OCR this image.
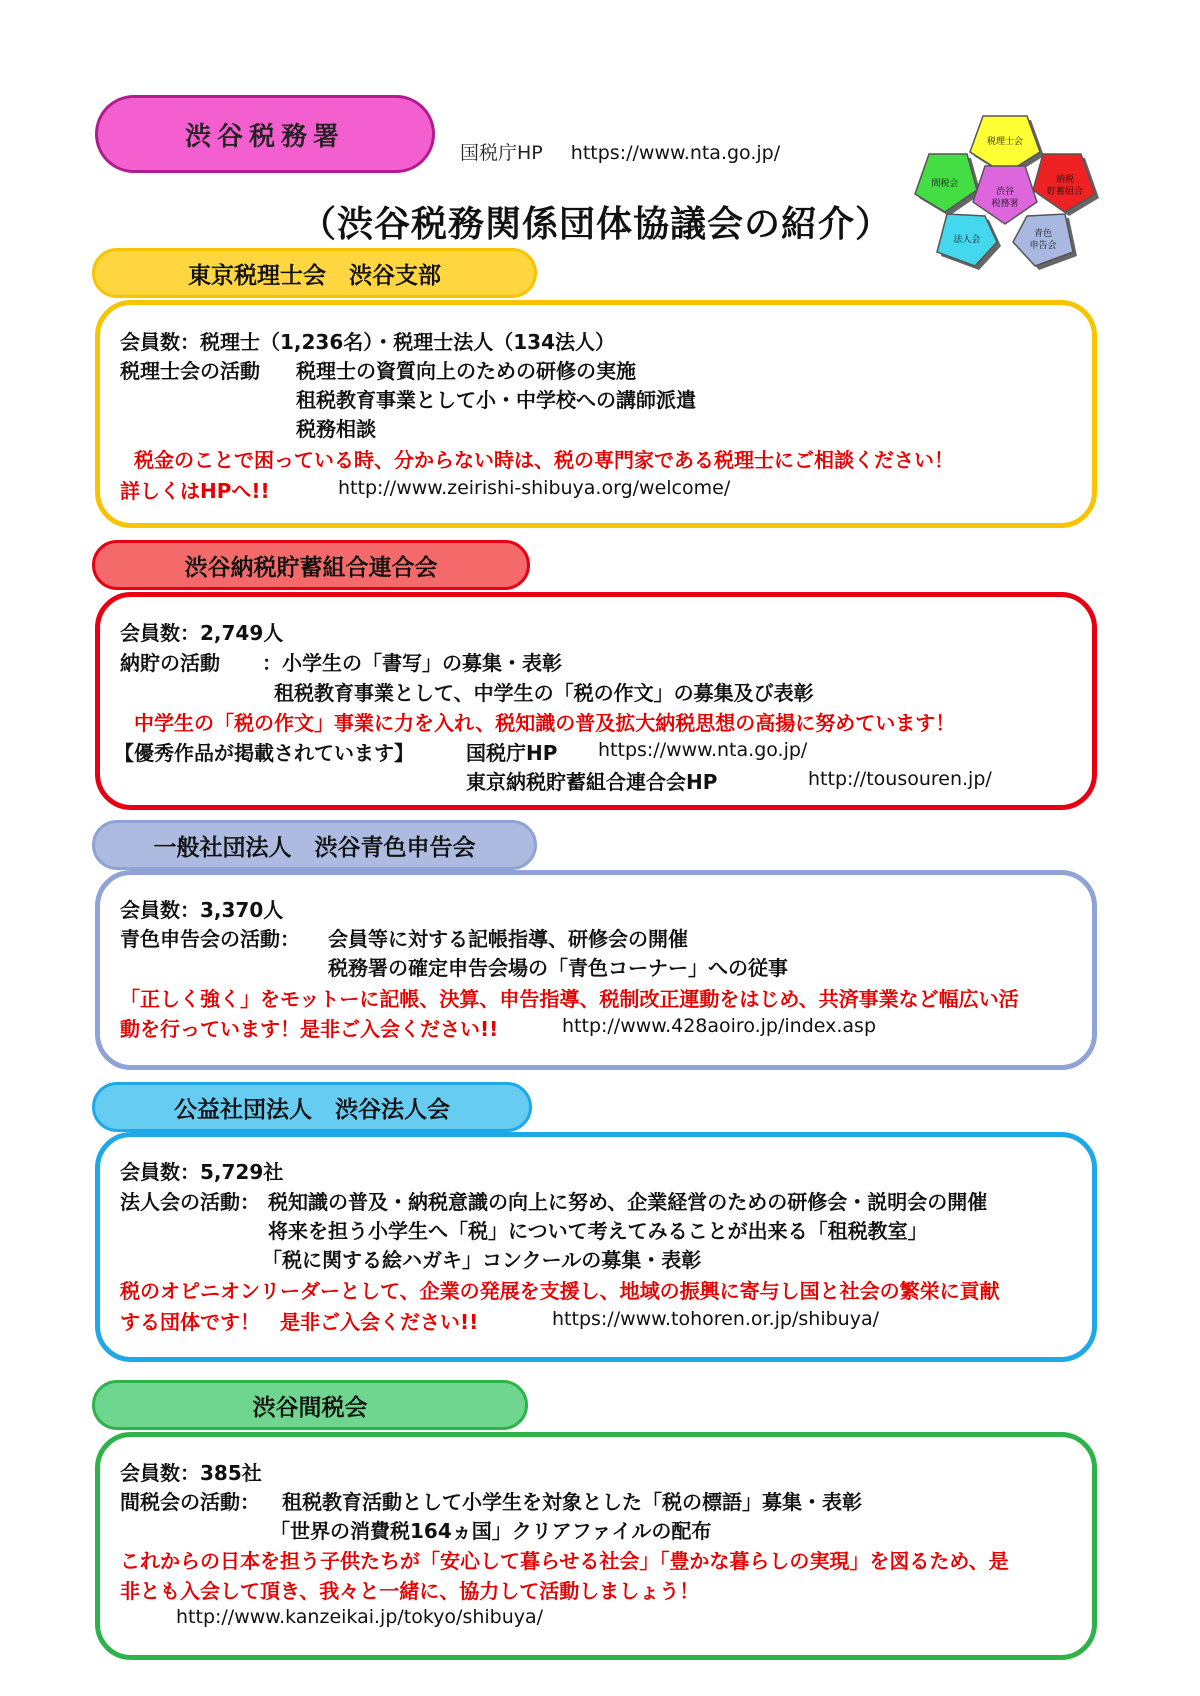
渋谷税務署
国税庁HP https://www.nta.go.jp/
（渋谷税務関係団体協議会の紹介）
税理士会
納税
貯蓄組合
青色
申告会
法人会
間税会
渋谷
税務署
東京税理士会　渋谷支部
会員数：税理士（1,236名）・税理士法人（134法人）
税理士会の活動 税理士の資質向上のための研修の実施
租税教育事業として小・中学校への講師派遣
税務相談
税金のことで困っている時、分からない時は、税の専門家である税理士にご相談ください！
詳しくはHPへ!!	http://www.zeirishi-shibuya.org/welcome/
渋谷納税貯蓄組合連合会
会員数：2,749人
納貯の活動 ：小学生の「書写」の募集・表彰
租税教育事業として、中学生の「税の作文」の募集及び表彰
中学生の「税の作文」事業に力を入れ、税知識の普及拡大納税思想の高揚に努めています！
【優秀作品が掲載されています】	国税庁HP https://www.nta.go.jp/
東京納税貯蓄組合連合会HP	http://tousouren.jp/
一般社団法人　渋谷青色申告会
会員数：3,370人
青色申告会の活動： 会員等に対する記帳指導、研修会の開催
税務署の確定申告会場の「青色コーナー」への従事
「正しく強く」をモットーに記帳、決算、申告指導、税制改正運動をはじめ、共済事業など幅広い活
動を行っています！是非ご入会ください!!	http://www.428aoiro.jp/index.asp
公益社団法人　渋谷法人会
会員数：5,729社
法人会の活動： 税知識の普及・納税意識の向上に努め、企業経営のための研修会・説明会の開催
将来を担う小学生へ「税」について考えてみることが出来る「租税教室」
「税に関する絵ハガキ」コンクールの募集・表彰
税のオピニオンリーダーとして、企業の発展を支援し、地域の振興に寄与し国と社会の繁栄に貢献
する団体です！　是非ご入会ください!!	https://www.tohoren.or.jp/shibuya/
渋谷間税会
会員数：385社
間税会の活動： 租税教育活動として小学生を対象とした「税の標語」募集・表彰
「世界の消費税164ヵ国」クリアファイルの配布
これからの日本を担う子供たちが「安心して暮らせる社会」「豊かな暮らしの実現」を図るため、是
非とも入会して頂き、我々と一緒に、協力して活動しましょう！
http://www.kanzeikai.jp/tokyo/shibuya/
